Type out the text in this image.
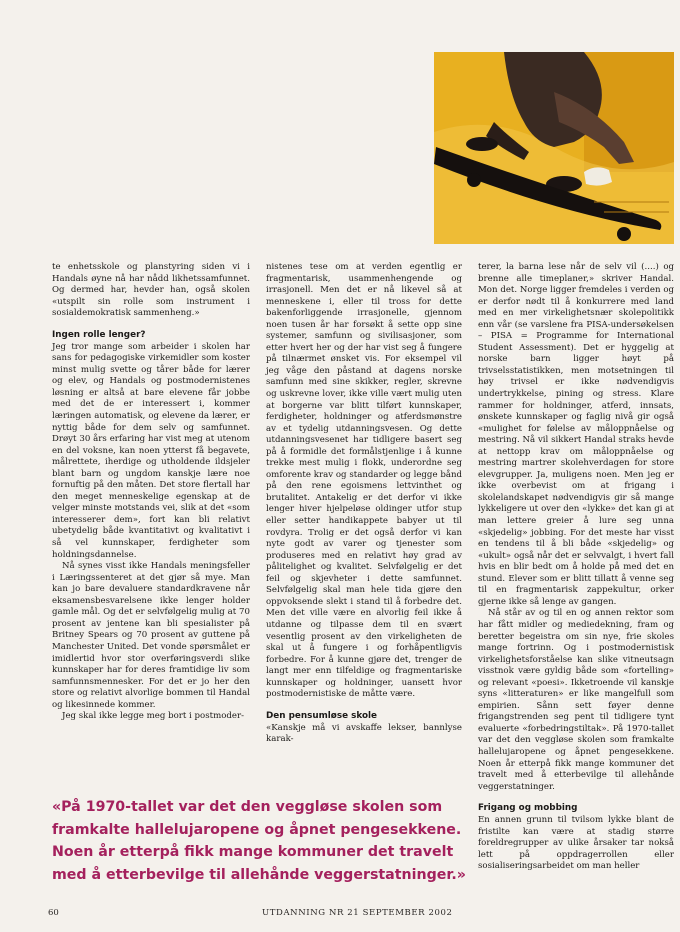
te enhetsskole og planstyring siden vi i Handals øyne nå har nådd likhetssamfunnet. Og dermed har, hevder han, også skolen «utspilt sin rolle som instrument i sosialdemokratisk sammenheng.»

Ingen rolle lenger?

Jeg tror mange som arbeider i skolen har sans for pedagogiske virkemidler som koster minst mulig svette og tårer både for lærer og elev, og Handals og postmodernistenes løsning er altså at bare elevene får jobbe med det de er interessert i, kommer læringen automatisk, og elevene da lærer, er nyttig både for dem selv og samfunnet. Drøyt 30 års erfaring har vist meg at utenom en del voksne, kan noen ytterst få begavete, målrettete, iherdige og utholdende ildsjeler blant barn og ungdom kanskje lære noe fornuftig på den måten. Det store flertall har den meget menneskelige egenskap at de velger minste motstands vei, slik at det «som interesserer dem», fort kan bli relativt ubetydelig både kvantitativt og kvalitativt i så vel kunnskaper, ferdigheter som holdningsdannelse.

Nå synes visst ikke Handals meningsfeller i Læringssenteret at det gjør så mye. Man kan jo bare devaluere standardkravene når eksamensbesvarelsene ikke lenger holder gamle mål. Og det er selvfølgelig mulig at 70 prosent av jentene kan bli spesialister på Britney Spears og 70 prosent av guttene på Manchester United. Det vonde spørsmålet er imidlertid hvor stor overføringsverdi slike kunnskaper har for deres framtidige liv som samfunnsmennesker. For det er jo her den store og relativt alvorlige bommen til Handal og likesinnede kommer.

Jeg skal ikke legge meg bort i postmoder-

nistenes tese om at verden egentlig er fragmentarisk, usammenhengende og irrasjonell. Men det er nå likevel så at menneskene i, eller til tross for dette bakenforliggende irrasjonelle, gjennom noen tusen år har forsøkt å sette opp sine systemer, samfunn og sivilisasjoner, som etter hvert her og der har vist seg å fungere på tilnærmet ønsket vis. For eksempel vil jeg våge den påstand at dagens norske samfunn med sine skikker, regler, skrevne og uskrevne lover, ikke ville vært mulig uten at borgerne var blitt tilført kunnskaper, ferdigheter, holdninger og atferdsmønstre av et tydelig utdanningsvesen. Og dette utdanningsvesenet har tidligere basert seg på å formidle det formålstjenlige i å kunne trekke mest mulig i flokk, underordne seg omforente krav og standarder og legge bånd på den rene egoismens lettvinthet og brutalitet. Antakelig er det derfor vi ikke lenger hiver hjelpeløse oldinger utfor stup eller setter handikappete babyer ut til rovdyra. Trolig er det også derfor vi kan nyte godt av varer og tjenester som produseres med en relativt høy grad av pålitelighet og kvalitet. Selvfølgelig er det feil og skjevheter i dette samfunnet. Selvfølgelig skal man hele tida gjøre den oppvoksende slekt i stand til å forbedre det. Men det ville være en alvorlig feil ikke å utdanne og tilpasse dem til en svært vesentlig prosent av den virkeligheten de skal ut å fungere i og forhåpentligvis forbedre. For å kunne gjøre det, trenger de langt mer enn tilfeldige og fragmentariske kunnskaper og holdninger, uansett hvor postmodernistiske de måtte være.

Den pensumløse skole

«Kanskje må vi avskaffe lekser, bannlyse karak-

terer, la barna lese når de selv vil (....) og brenne alle timeplaner,» skriver Handal. Mon det. Norge ligger fremdeles i verden og er derfor nødt til å konkurrere med land med en mer virkelighetsnær skolepolitikk enn vår (se varslene fra PISA-undersøkelsen – PISA = Programme for International Student Assessment). Det er hyggelig at norske barn ligger høyt på trivselsstatistikken, men motsetningen til høy trivsel er ikke nødvendigvis undertrykkelse, pining og stress. Klare rammer for holdninger, atferd, innsats, ønskete kunnskaper og faglig nivå gir også «mulighet for følelse av måloppnåelse og mestring. Nå vil sikkert Handal straks hevde at nettopp krav om måloppnåelse og mestring martrer skolehverdagen for store elevgrupper. Ja, muligens noen. Men jeg er ikke overbevist om at frigang i skolelandskapet nødvendigvis gir så mange lykkeligere ut over den «lykke» det kan gi at man lettere greier å lure seg unna «skjedelig» jobbing. For det meste har visst en tendens til å bli både «skjedelig» og «ukult» også når det er selvvalgt, i hvert fall hvis en blir bedt om å holde på med det en stund. Elever som er blitt tillatt å venne seg til en fragmentarisk zappekultur, orker gjerne ikke så lenge av gangen.

Nå står av og til en og annen rektor som har fått midler og mediedekning, fram og beretter begeistra om sin nye, frie skoles mange fortrinn. Og i postmodernistisk virkelighetsforståelse kan slike vitneutsagn visstnok være gyldig både som «fortelling» og relevant «poesi». Ikketroende vil kanskje syns «litteraturen» er like mangelfull som empirien. Sånn sett føyer denne frigangstrenden seg pent til tidligere tynt evaluerte «forbedringstiltak». På 1970-tallet var det den veggløse skolen som framkalte hallelujaropene og åpnet pengesekkene. Noen år etterpå fikk mange kommuner det travelt med å etterbevilge til allehånde veggerstatninger.

Frigang og mobbing

En annen grunn til tvilsom lykke blant de fristilte kan være at stadig større foreldregrupper av ulike årsaker tar nokså lett på oppdragerrollen eller sosialiseringsarbeidet om man heller

«På 1970-tallet var det den veggløse skolen som framkalte hallelujaropene og åpnet pengesekkene. Noen år etterpå fikk mange kommuner det travelt med å etterbevilge til allehånde veggerstatninger.»
60	UTDANNING NR 21 SEPTEMBER 2002
